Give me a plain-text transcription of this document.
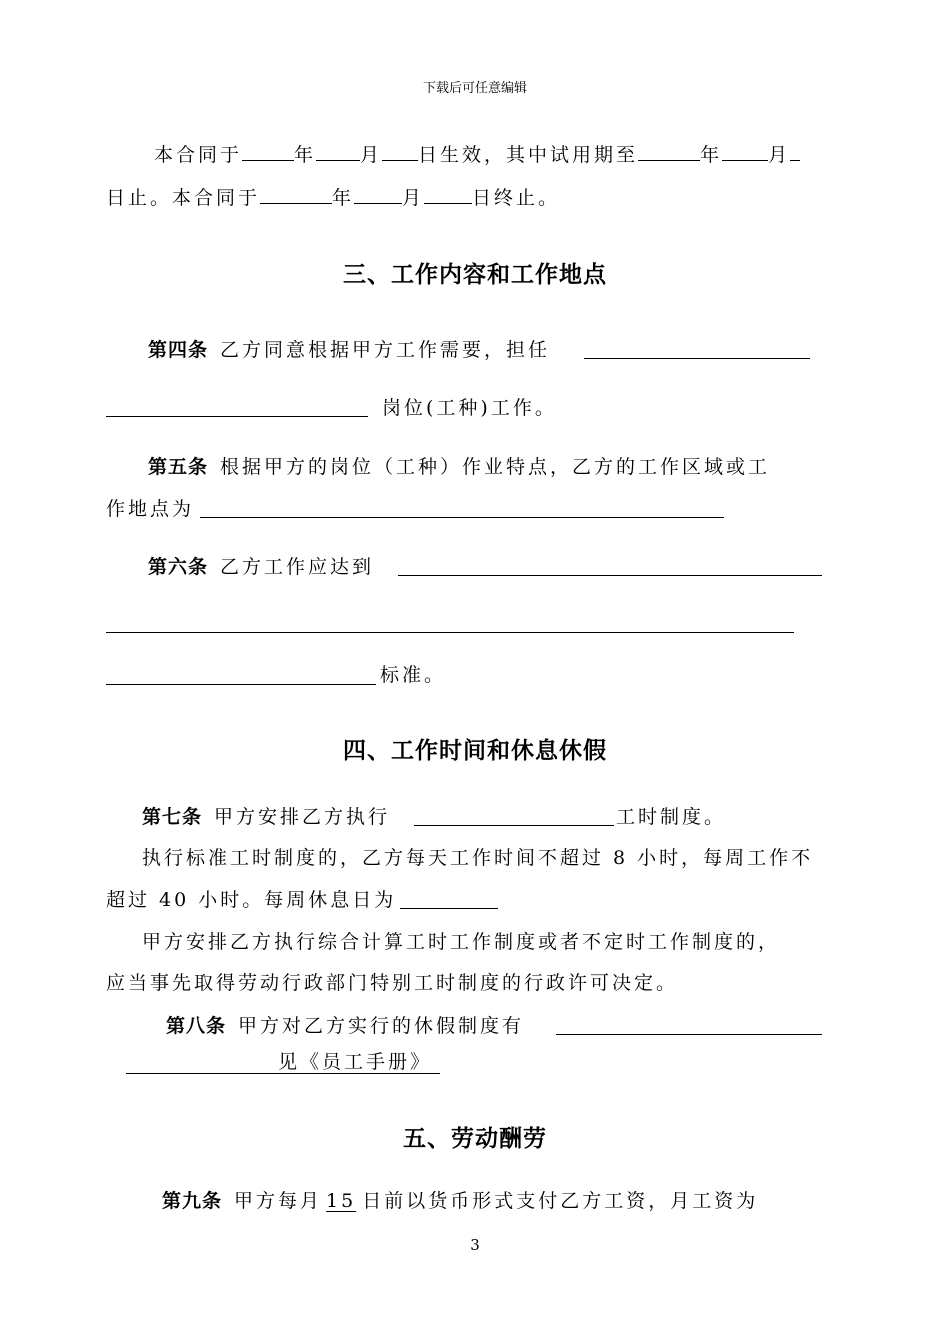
下载后可任意编辑
本合同于	年 月 日生效，其中试用期至	年 月
日止。本合同于	年	月	日终止。
三、工作内容和工作地点
第四条 乙方同意根据甲方工作需要，担任
岗位(工种)工作。
第五条 根据甲方的岗位（工种）作业特点，乙方的工作区域或工
作地点为
第六条 乙方工作应达到
标准。
四、工作时间和休息休假
第七条 甲方安排乙方执行	工时制度。
执行标准工时制度的，乙方每天工作时间不超过 8 小时，每周工作不
超过 40 小时。每周休息日为
甲方安排乙方执行综合计算工时工作制度或者不定时工作制度的，
应当事先取得劳动行政部门特别工时制度的行政许可决定。
第八条 甲方对乙方实行的休假制度有
见《员工手册》
五、劳动酬劳
第九条 甲方每月 15 日前以货币形式支付乙方工资，月工资为
3
